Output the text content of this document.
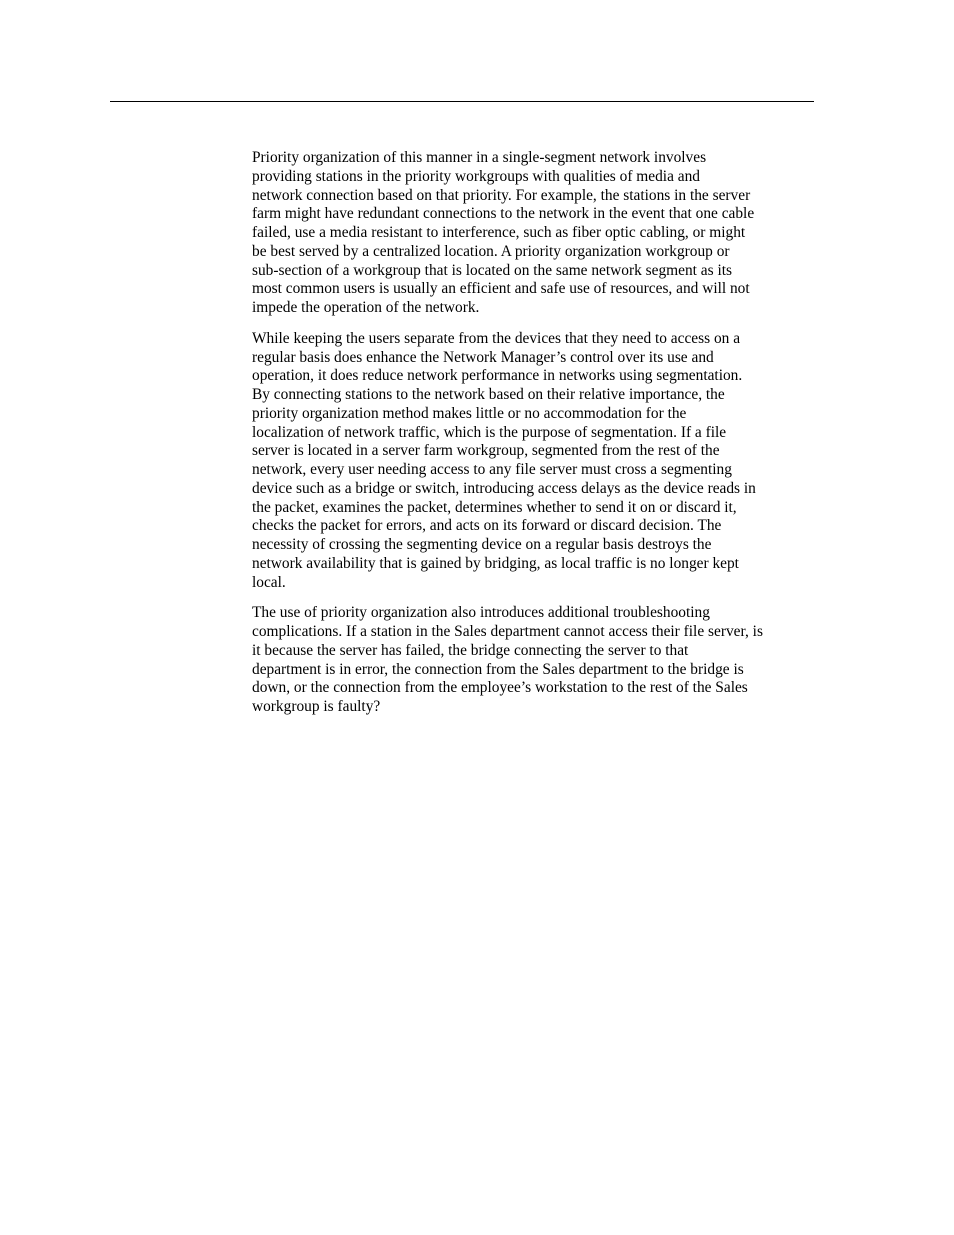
Priority organization of this manner in a single-segment network involves
providing stations in the priority workgroups with qualities of media and
network connection based on that priority. For example, the stations in the server
farm might have redundant connections to the network in the event that one cable
failed, use a media resistant to interference, such as fiber optic cabling, or might
be best served by a centralized location. A priority organization workgroup or
sub-section of a workgroup that is located on the same network segment as its
most common users is usually an efficient and safe use of resources, and will not
impede the operation of the network.

While keeping the users separate from the devices that they need to access on a
regular basis does enhance the Network Manager’s control over its use and
operation, it does reduce network performance in networks using segmentation.
By connecting stations to the network based on their relative importance, the
priority organization method makes little or no accommodation for the
localization of network traffic, which is the purpose of segmentation. If a file
server is located in a server farm workgroup, segmented from the rest of the
network, every user needing access to any file server must cross a segmenting
device such as a bridge or switch, introducing access delays as the device reads in
the packet, examines the packet, determines whether to send it on or discard it,
checks the packet for errors, and acts on its forward or discard decision. The
necessity of crossing the segmenting device on a regular basis destroys the
network availability that is gained by bridging, as local traffic is no longer kept
local.

The use of priority organization also introduces additional troubleshooting
complications. If a station in the Sales department cannot access their file server, is
it because the server has failed, the bridge connecting the server to that
department is in error, the connection from the Sales department to the bridge is
down, or the connection from the employee’s workstation to the rest of the Sales
workgroup is faulty?
